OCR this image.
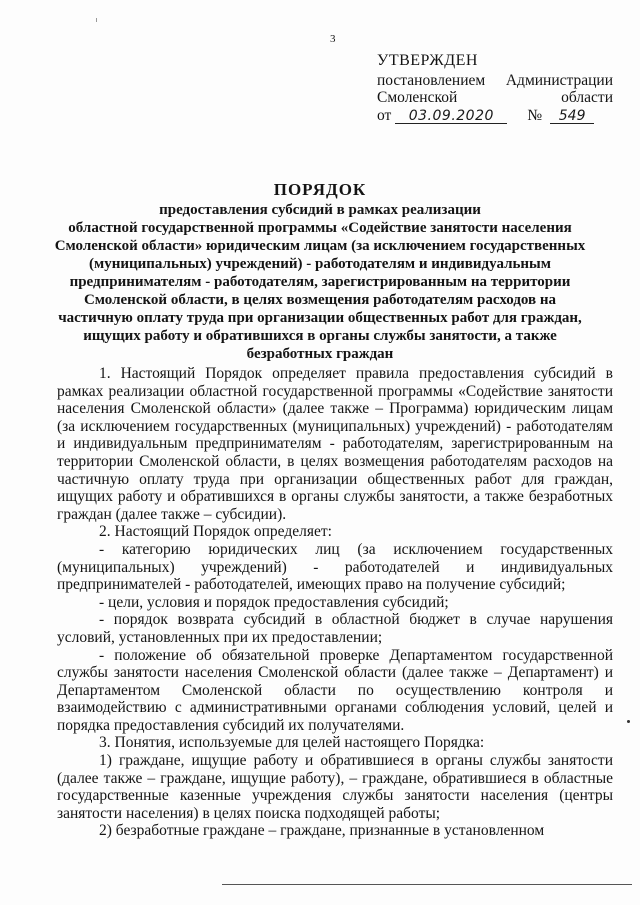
3
УТВЕРЖДЕН
постановлением Администрации
Смоленской области
от	03.09.2020	№	549
ПОРЯДОК
предоставления субсидий в рамках реализации
областной государственной программы «Содействие занятости населения
Смоленской области» юридическим лицам (за исключением государственных
(муниципальных) учреждений) - работодателям и индивидуальным
предпринимателям - работодателям, зарегистрированным на территории
Смоленской области, в целях возмещения работодателям расходов на
частичную оплату труда при организации общественных работ для граждан,
ищущих работу и обратившихся в органы службы занятости, а также
безработных граждан

1. Настоящий Порядок определяет правила предоставления субсидий в рамках реализации областной государственной программы «Содействие занятости населения Смоленской области» (далее также – Программа) юридическим лицам (за исключением государственных (муниципальных) учреждений) - работодателям и индивидуальным предпринимателям - работодателям, зарегистрированным на территории Смоленской области, в целях возмещения работодателям расходов на частичную оплату труда при организации общественных работ для граждан, ищущих работу и обратившихся в органы службы занятости, а также безработных граждан (далее также – субсидии).

2. Настоящий Порядок определяет:

- категорию юридических лиц (за исключением государственных (муниципальных) учреждений) - работодателей и индивидуальных предпринимателей - работодателей, имеющих право на получение субсидий;

- цели, условия и порядок предоставления субсидий;

- порядок возврата субсидий в областной бюджет в случае нарушения условий, установленных при их предоставлении;

- положение об обязательной проверке Департаментом государственной службы занятости населения Смоленской области (далее также – Департамент) и Департаментом Смоленской области по осуществлению контроля и взаимодействию с административными органами соблюдения условий, целей и порядка предоставления субсидий их получателями.

3. Понятия, используемые для целей настоящего Порядка:

1) граждане, ищущие работу и обратившиеся в органы службы занятости (далее также – граждане, ищущие работу), – граждане, обратившиеся в областные государственные казенные учреждения службы занятости населения (центры занятости населения) в целях поиска подходящей работы;

2) безработные граждане – граждане, признанные в установленном
